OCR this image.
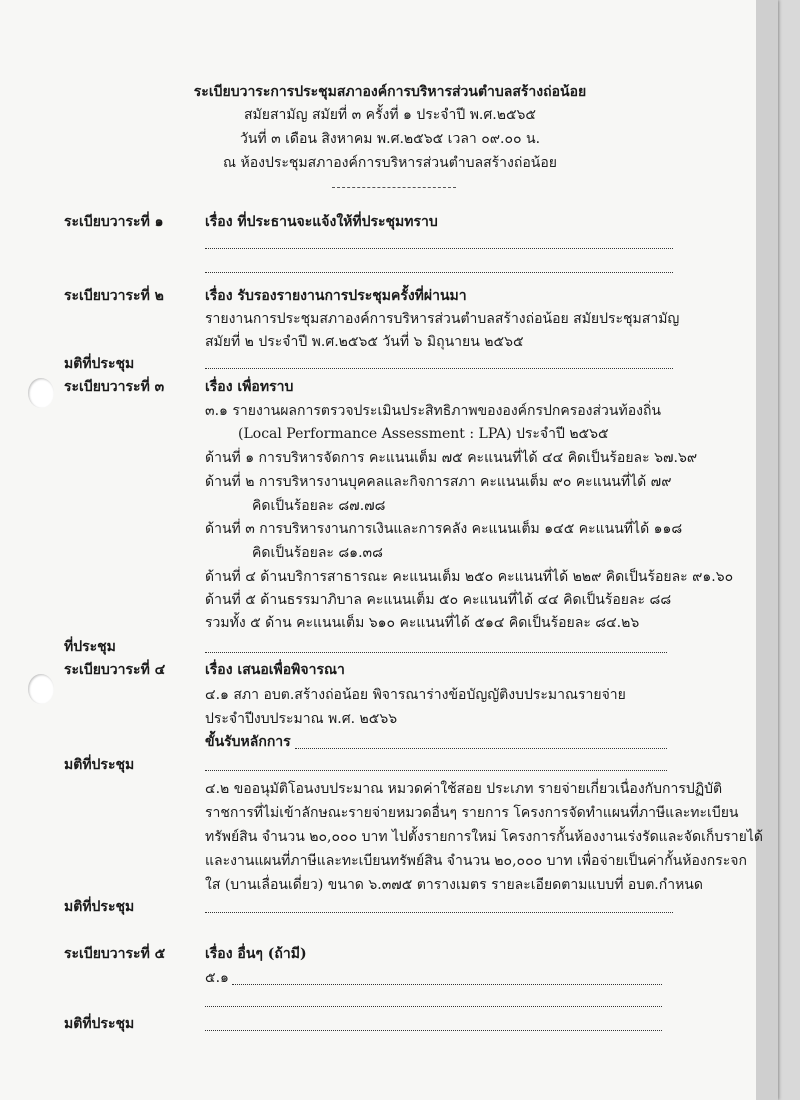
ระเบียบวาระการประชุมสภาองค์การบริหารส่วนตำบลสร้างถ่อน้อย
สมัยสามัญ สมัยที่ ๓ ครั้งที่ ๑ ประจำปี พ.ศ.๒๕๖๕
วันที่ ๓ เดือน สิงหาคม พ.ศ.๒๕๖๕ เวลา ๐๙.๐๐ น.
ณ ห้องประชุมสภาองค์การบริหารส่วนตำบลสร้างถ่อน้อย
ระเบียบวาระที่ ๑	เรื่อง ที่ประธานจะแจ้งให้ที่ประชุมทราบ
ระเบียบวาระที่ ๒	เรื่อง รับรองรายงานการประชุมครั้งที่ผ่านมา
รายงานการประชุมสภาองค์การบริหารส่วนตำบลสร้างถ่อน้อย สมัยประชุมสามัญ
สมัยที่ ๒ ประจำปี พ.ศ.๒๕๖๕ วันที่ ๖ มิถุนายน ๒๕๖๕
มติที่ประชุม
ระเบียบวาระที่ ๓	เรื่อง เพื่อทราบ
๓.๑ รายงานผลการตรวจประเมินประสิทธิภาพขององค์กรปกครองส่วนท้องถิ่น
(Local Performance Assessment : LPA) ประจำปี ๒๕๖๕
ด้านที่ ๑ การบริหารจัดการ คะแนนเต็ม ๗๕ คะแนนที่ได้ ๔๔ คิดเป็นร้อยละ ๖๗.๖๙
ด้านที่ ๒ การบริหารงานบุคคลและกิจการสภา คะแนนเต็ม ๙๐ คะแนนที่ได้ ๗๙
คิดเป็นร้อยละ ๘๗.๗๘
ด้านที่ ๓ การบริหารงานการเงินและการคลัง คะแนนเต็ม ๑๔๕ คะแนนที่ได้ ๑๑๘
คิดเป็นร้อยละ ๘๑.๓๘
ด้านที่ ๔ ด้านบริการสาธารณะ คะแนนเต็ม ๒๕๐ คะแนนที่ได้ ๒๒๙ คิดเป็นร้อยละ ๙๑.๖๐
ด้านที่ ๕ ด้านธรรมาภิบาล คะแนนเต็ม ๕๐ คะแนนที่ได้ ๔๔ คิดเป็นร้อยละ ๘๘
รวมทั้ง ๕ ด้าน คะแนนเต็ม ๖๑๐ คะแนนที่ได้ ๕๑๔ คิดเป็นร้อยละ ๘๔.๒๖
ที่ประชุม
ระเบียบวาระที่ ๔	เรื่อง เสนอเพื่อพิจารณา
๔.๑ สภา อบต.สร้างถ่อน้อย พิจารณาร่างข้อบัญญัติงบประมาณรายจ่าย
ประจำปีงบประมาณ พ.ศ. ๒๕๖๖
ขั้นรับหลักการ
มติที่ประชุม
๔.๒ ขออนุมัติโอนงบประมาณ หมวดค่าใช้สอย ประเภท รายจ่ายเกี่ยวเนื่องกับการปฏิบัติ
ราชการที่ไม่เข้าลักษณะรายจ่ายหมวดอื่นๆ รายการ โครงการจัดทำแผนที่ภาษีและทะเบียน
ทรัพย์สิน จำนวน ๒๐,๐๐๐ บาท ไปตั้งรายการใหม่ โครงการกั้นห้องงานเร่งรัดและจัดเก็บรายได้
และงานแผนที่ภาษีและทะเบียนทรัพย์สิน จำนวน ๒๐,๐๐๐ บาท เพื่อจ่ายเป็นค่ากั้นห้องกระจก
ใส (บานเลื่อนเดี่ยว) ขนาด ๖.๓๗๕ ตารางเมตร รายละเอียดตามแบบที่ อบต.กำหนด
มติที่ประชุม
ระเบียบวาระที่ ๕	เรื่อง อื่นๆ (ถ้ามี)
๕.๑
มติที่ประชุม
